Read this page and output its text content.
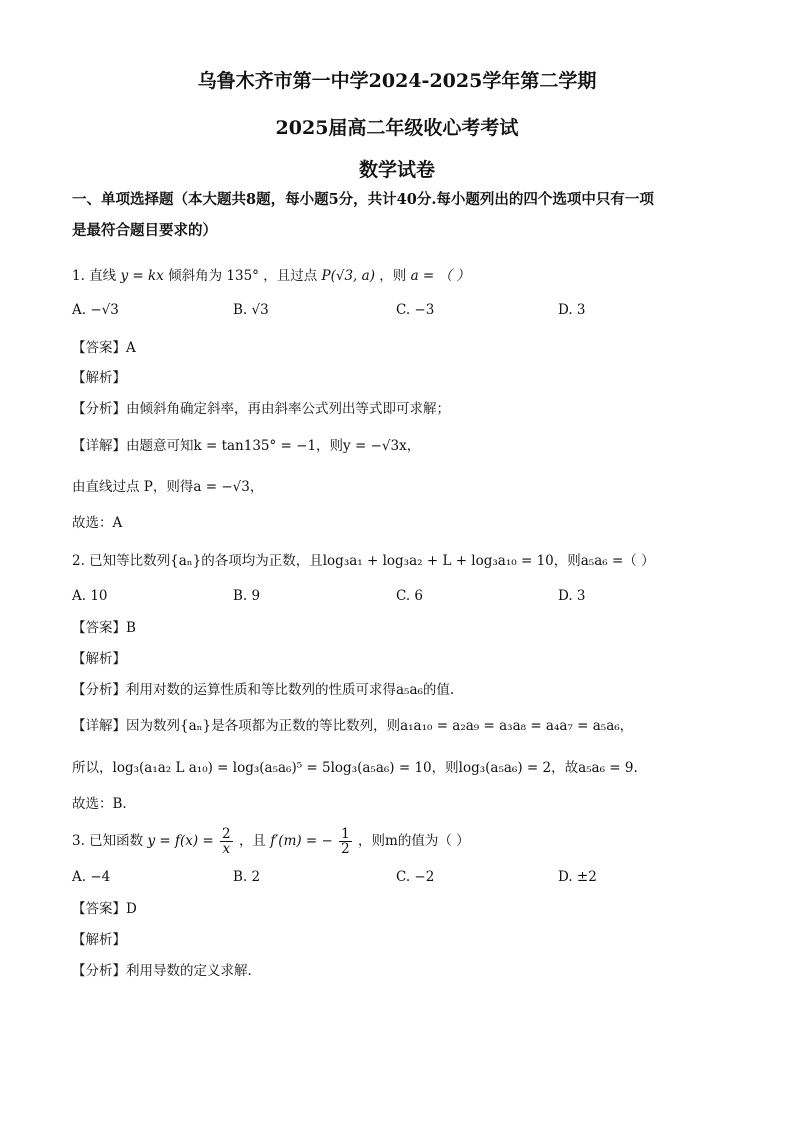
乌鲁木齐市第一中学2024-2025学年第二学期
2025届高二年级收心考考试
数学试卷
一、单项选择题（本大题共8题，每小题5分，共计40分.每小题列出的四个选项中只有一项
是最符合题目要求的）
1. 直线 y = kx 倾斜角为 135° ，且过点 P(√3, a) ，则 a = （ ）
A. −√3	B. √3	C. −3	D. 3
【答案】A
【解析】
【分析】由倾斜角确定斜率，再由斜率公式列出等式即可求解；
【详解】由题意可知k = tan135° = −1，则y = −√3x，
由直线过点 P，则得a = −√3，
故选：A
2. 已知等比数列{aₙ}的各项均为正数，且log₃a₁ + log₃a₂ + L + log₃a₁₀ = 10，则a₅a₆ =（ ）
A. 10	B. 9	C. 6	D. 3
【答案】B
【解析】
【分析】利用对数的运算性质和等比数列的性质可求得a₅a₆的值.
【详解】因为数列{aₙ}是各项都为正数的等比数列，则a₁a₁₀ = a₂a₉ = a₃a₈ = a₄a₇ = a₅a₆，
所以，log₃(a₁a₂ L a₁₀) = log₃(a₅a₆)⁵ = 5log₃(a₅a₆) = 10，则log₃(a₅a₆) = 2，故a₅a₆ = 9.
故选：B.
3. 已知函数 $y = f(x) = \frac{2}{x}$ ，且 f′(m) = − $\frac{1}{2}$ ，则m的值为（ ）
A. −4	B. 2	C. −2	D. ±2
【答案】D
【解析】
【分析】利用导数的定义求解.
